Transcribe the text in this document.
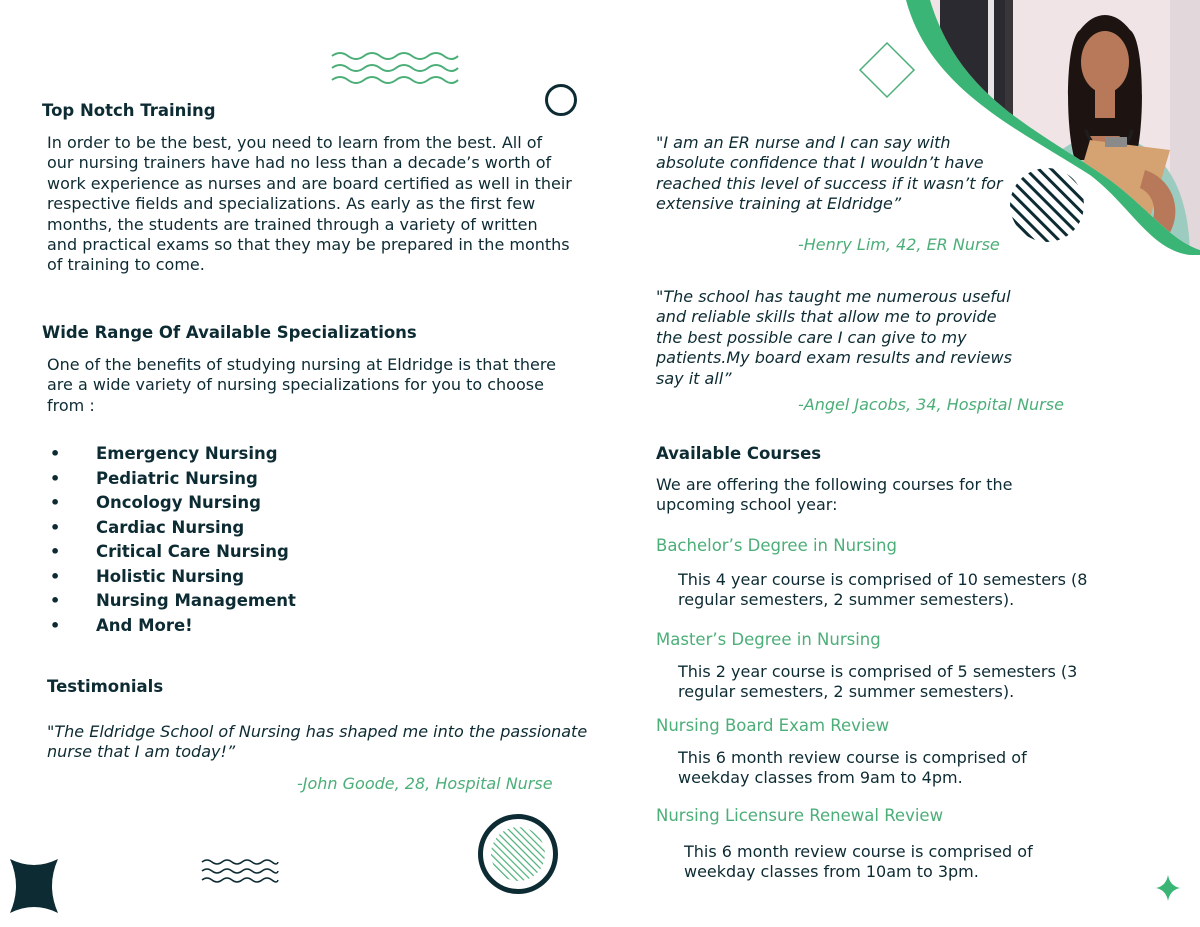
Top Notch Training
In order to be the best, you need to learn from the best. All of
our nursing trainers have had no less than a decade’s worth of
work experience as nurses and are board certified as well in their
respective fields and specializations. As early as the first few
months, the students are trained through a variety of written
and practical exams so that they may be prepared in the months
of training to come.
Wide Range Of Available Specializations
One of the benefits of studying nursing at Eldridge is that there
are a wide variety of nursing specializations for you to choose
from :
• Emergency Nursing
• Pediatric Nursing
• Oncology Nursing
• Cardiac Nursing
• Critical Care Nursing
• Holistic Nursing
• Nursing Management
• And More!
Testimonials
"The Eldridge School of Nursing has shaped me into the passionate
nurse that I am today!”
-John Goode, 28, Hospital Nurse
"I am an ER nurse and I can say with
absolute confidence that I wouldn’t have
reached this level of success if it wasn’t for
extensive training at Eldridge”
-Henry Lim, 42, ER Nurse
"The school has taught me numerous useful
and reliable skills that allow me to provide
the best possible care I can give to my
patients.My board exam results and reviews
say it all”
-Angel Jacobs, 34, Hospital Nurse
Available Courses
We are offering the following courses for the
upcoming school year:
Bachelor’s Degree in Nursing
This 4 year course is comprised of 10 semesters (8
regular semesters, 2 summer semesters).
Master’s Degree in Nursing
This 2 year course is comprised of 5 semesters (3
regular semesters, 2 summer semesters).
Nursing Board Exam Review
This 6 month review course is comprised of
weekday classes from 9am to 4pm.
Nursing Licensure Renewal Review
This 6 month review course is comprised of
weekday classes from 10am to 3pm.
